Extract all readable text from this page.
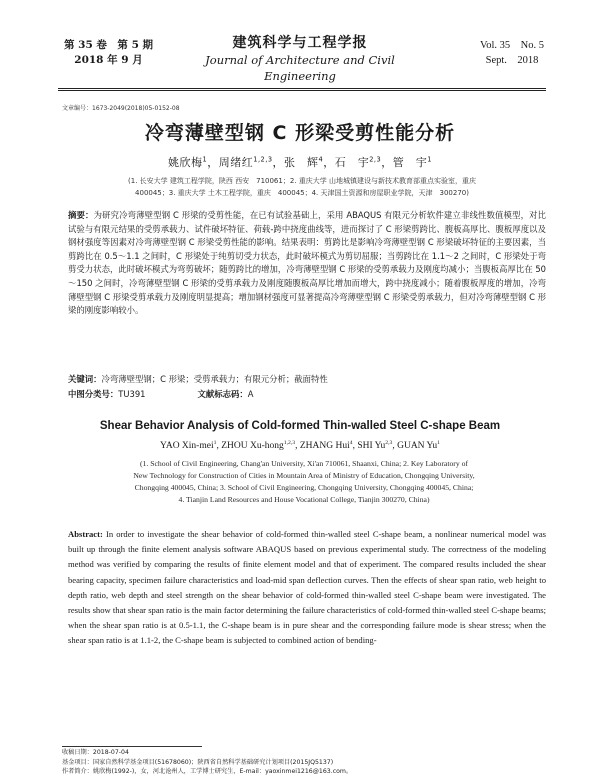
第 35 卷　第 5 期
2018 年 9 月
建筑科学与工程学报
Journal of Architecture and Civil Engineering
Vol. 35　No. 5
Sept.　2018
文章编号：1673-2049(2018)05-0152-08
冷弯薄壁型钢 C 形梁受剪性能分析
姚欣梅$^1$，周绪红$^{1,2,3}$，张　辉$^4$，石　宇$^{2,3}$，管　宇$^1$
(1. 长安大学 建筑工程学院，陕西 西安　710061；2. 重庆大学 山地城镇建设与新技术教育部重点实验室，重庆
400045；3. 重庆大学 土木工程学院，重庆　400045；4. 天津国土资源和房屋职业学院，天津　300270)
摘要：为研究冷弯薄壁型钢 C 形梁的受剪性能，在已有试验基础上，采用 ABAQUS 有限元分析软件建立非线性数值模型，对比试验与有限元结果的受剪承载力、试件破坏特征、荷载-跨中挠度曲线等，进而探讨了 C 形梁剪跨比、腹板高厚比、腹板厚度以及钢材强度等因素对冷弯薄壁型钢 C 形梁受剪性能的影响。结果表明：剪跨比是影响冷弯薄壁型钢 C 形梁破坏特征的主要因素，当剪跨比在 0.5～1.1 之间时，C 形梁处于纯剪切受力状态，此时破坏模式为剪切屈服；当剪跨比在 1.1～2 之间时，C 形梁处于弯剪受力状态，此时破坏模式为弯剪破坏；随剪跨比的增加，冷弯薄壁型钢 C 形梁的受剪承载力及刚度均减小；当腹板高厚比在 50～150 之间时，冷弯薄壁型钢 C 形梁的受剪承载力及刚度随腹板高厚比增加而增大，跨中挠度减小；随着腹板厚度的增加，冷弯薄壁型钢 C 形梁受剪承载力及刚度明显提高；增加钢材强度可显著提高冷弯薄壁型钢 C 形梁受剪承载力，但对冷弯薄壁型钢 C 形梁的刚度影响较小。
关键词：冷弯薄壁型钢；C 形梁；受剪承载力；有限元分析；截面特性
中图分类号：TU391	文献标志码：A
Shear Behavior Analysis of Cold-formed Thin-walled Steel C-shape Beam
YAO Xin-mei$^1$, ZHOU Xu-hong$^{1,2,3}$, ZHANG Hui$^4$, SHI Yu$^{2,3}$, GUAN Yu$^1$
(1. School of Civil Engineering, Chang'an University, Xi'an 710061, Shaanxi, China; 2. Key Laboratory of
New Technology for Construction of Cities in Mountain Area of Ministry of Education, Chongqing University,
Chongqing 400045, China; 3. School of Civil Engineering, Chongqing University, Chongqing 400045, China;
4. Tianjin Land Resources and House Vocational College, Tianjin 300270, China)
Abstract: In order to investigate the shear behavior of cold-formed thin-walled steel C-shape beam, a nonlinear numerical model was built up through the finite element analysis software ABAQUS based on previous experimental study. The correctness of the modeling method was verified by comparing the results of finite element model and that of experiment. The compared results included the shear bearing capacity, specimen failure characteristics and load-mid span deflection curves. Then the effects of shear span ratio, web height to depth ratio, web depth and steel strength on the shear behavior of cold-formed thin-walled steel C-shape beam were investigated. The results show that shear span ratio is the main factor determining the failure characteristics of cold-formed thin-walled steel C-shape beams; when the shear span ratio is at 0.5-1.1, the C-shape beam is in pure shear and the corresponding failure mode is shear stress; when the shear span ratio is at 1.1-2, the C-shape beam is subjected to combined action of bending-
收稿日期：2018-07-04
基金项目：国家自然科学基金项目(51678060)；陕西省自然科学基础研究计划项目(2015JQ5137)
作者简介：姚欣梅(1992-)，女，河北沧州人，工学博士研究生，E-mail：yaoxinmei1216@163.com。
